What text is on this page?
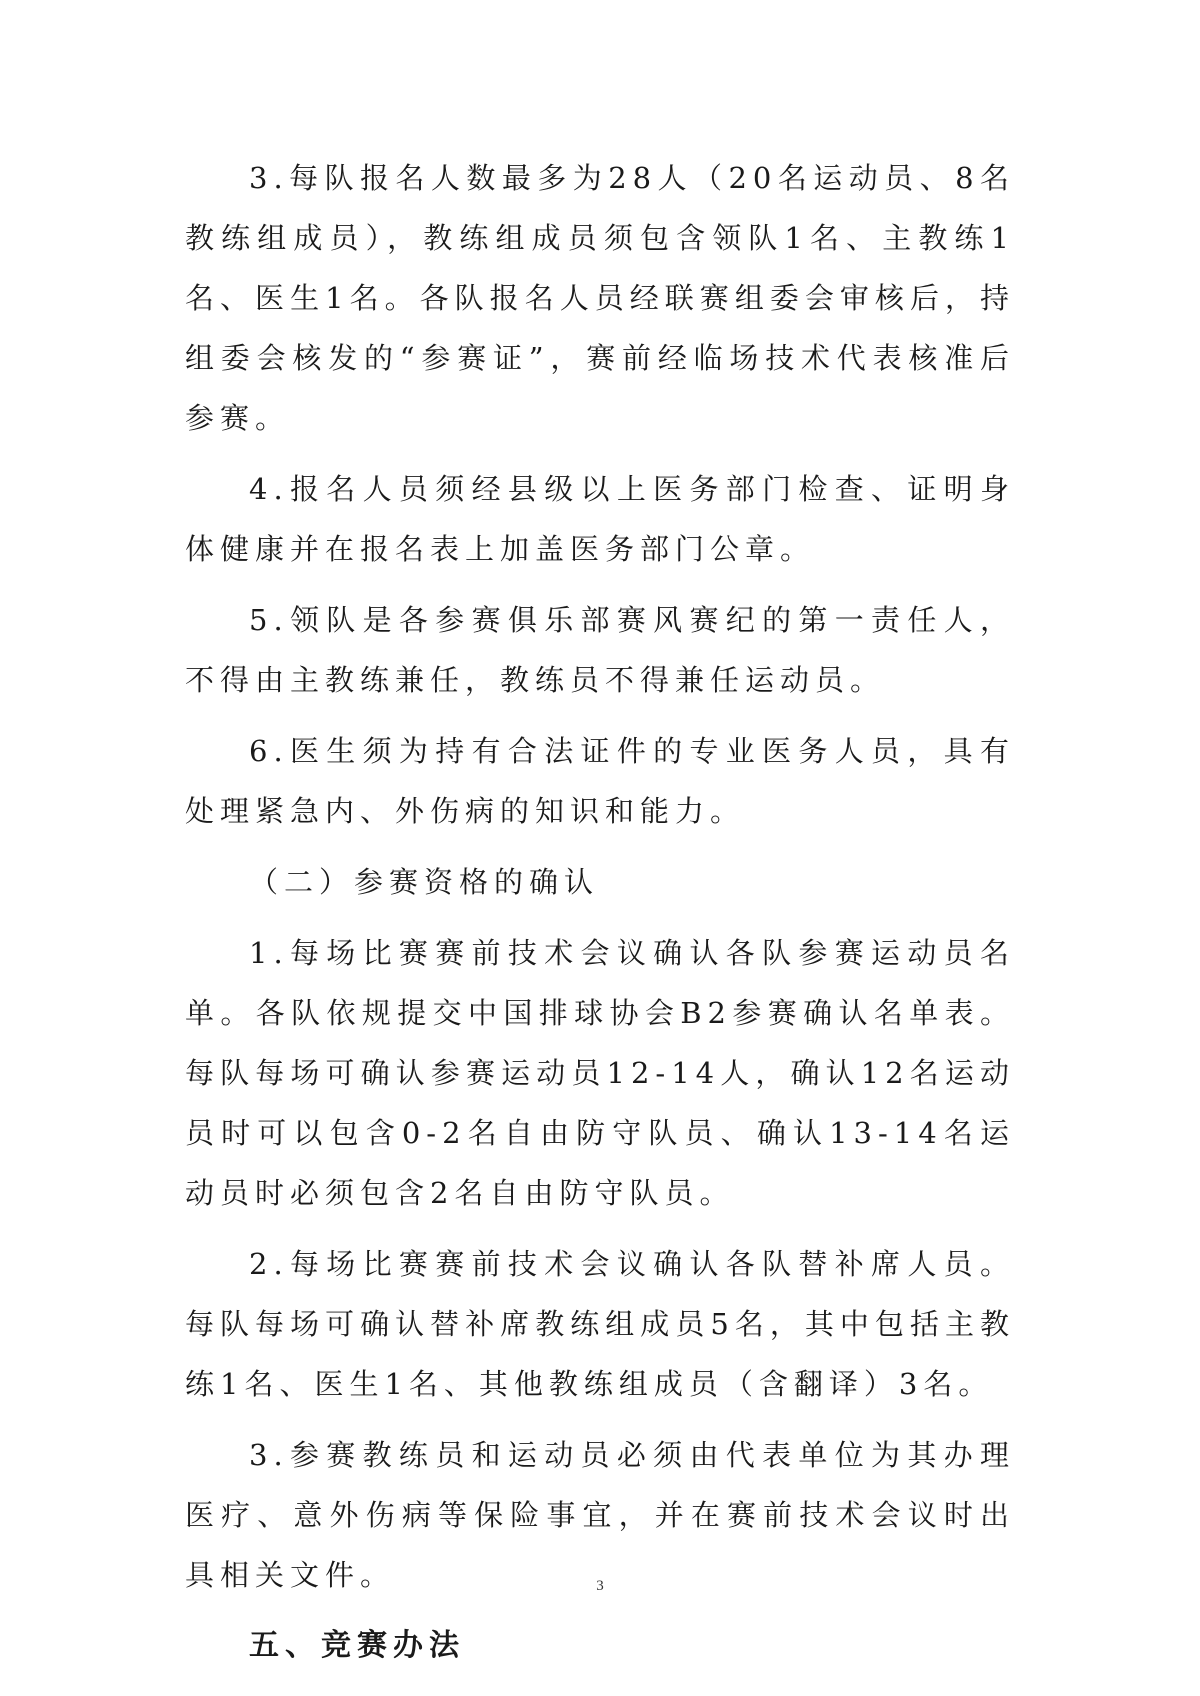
3.每队报名人数最多为28人（20名运动员、8名教练组成员），教练组成员须包含领队1名、主教练1名、医生1名。各队报名人员经联赛组委会审核后，持组委会核发的“参赛证”，赛前经临场技术代表核准后参赛。

4.报名人员须经县级以上医务部门检查、证明身体健康并在报名表上加盖医务部门公章。

5.领队是各参赛俱乐部赛风赛纪的第一责任人，不得由主教练兼任，教练员不得兼任运动员。

6.医生须为持有合法证件的专业医务人员，具有处理紧急内、外伤病的知识和能力。

（二）参赛资格的确认

1.每场比赛赛前技术会议确认各队参赛运动员名单。各队依规提交中国排球协会B2参赛确认名单表。每队每场可确认参赛运动员12-14人，确认12名运动员时可以包含0-2名自由防守队员、确认13-14名运动员时必须包含2名自由防守队员。

2.每场比赛赛前技术会议确认各队替补席人员。每队每场可确认替补席教练组成员5名，其中包括主教练1名、医生1名、其他教练组成员（含翻译）3名。

3.参赛教练员和运动员必须由代表单位为其办理医疗、意外伤病等保险事宜，并在赛前技术会议时出具相关文件。

五、竞赛办法

3
